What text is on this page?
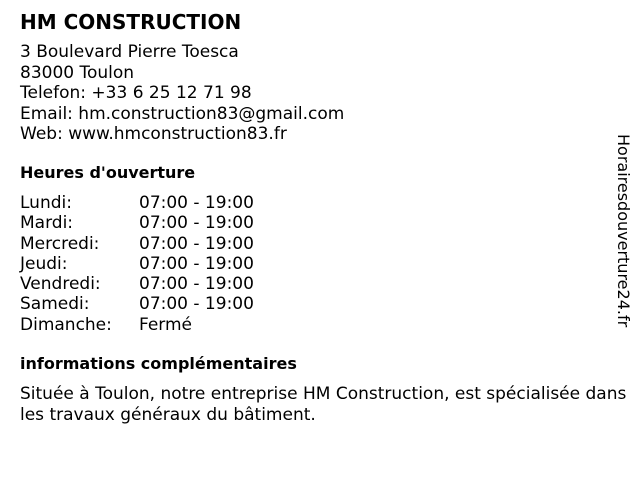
HM CONSTRUCTION
3 Boulevard Pierre Toesca
83000 Toulon
Telefon: +33 6 25 12 71 98
Email: hm.construction83@gmail.com
Web: www.hmconstruction83.fr
Heures d'ouverture
Lundi:	07:00 - 19:00
Mardi:	07:00 - 19:00
Mercredi:	07:00 - 19:00
Jeudi:	07:00 - 19:00
Vendredi:	07:00 - 19:00
Samedi:	07:00 - 19:00
Dimanche:	Fermé
informations complémentaires
Située à Toulon, notre entreprise HM Construction, est spécialisée dans les travaux généraux du bâtiment.
Horairesdouverture24.fr
